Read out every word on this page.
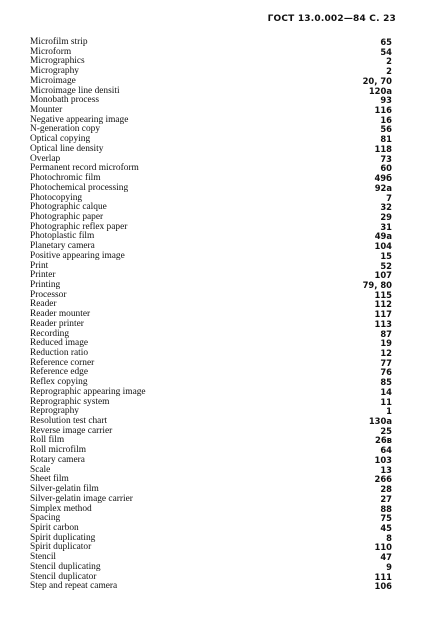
ГОСТ 13.0.002—84 С. 23
Microfilm strip	65
Microform	54
Micrographics	2
Micrography	2
Microimage	20, 70
Microimage line densiti	120a
Monobath process	93
Mounter	116
Negative appearing image	16
N-generation copy	56
Optical copying	81
Optical line density	118
Overlap	73
Permanent record microform	60
Photochromic film	49б
Photochemical processing	92a
Photocopying	7
Photographic calque	32
Photographic paper	29
Photographic reflex paper	31
Photoplastic film	49a
Planetary camera	104
Positive appearing image	15
Print	52
Printer	107
Printing	79, 80
Processor	115
Reader	112
Reader mounter	117
Reader printer	113
Recording	87
Reduced image	19
Reduction ratio	12
Reference corner	77
Reference edge	76
Reflex copying	85
Reprographic appearing image	14
Reprographic system	11
Reprography	1
Resolution test chart	130a
Reverse image carrier	25
Roll film	26в
Roll microfilm	64
Rotary camera	103
Scale	13
Sheet film	266
Silver-gelatin film	28
Silver-gelatin image carrier	27
Simplex method	88
Spacing	75
Spirit carbon	45
Spirit duplicating	8
Spirit duplicator	110
Stencil	47
Stencil duplicating	9
Stencil duplicator	111
Step and repeat camera	106
